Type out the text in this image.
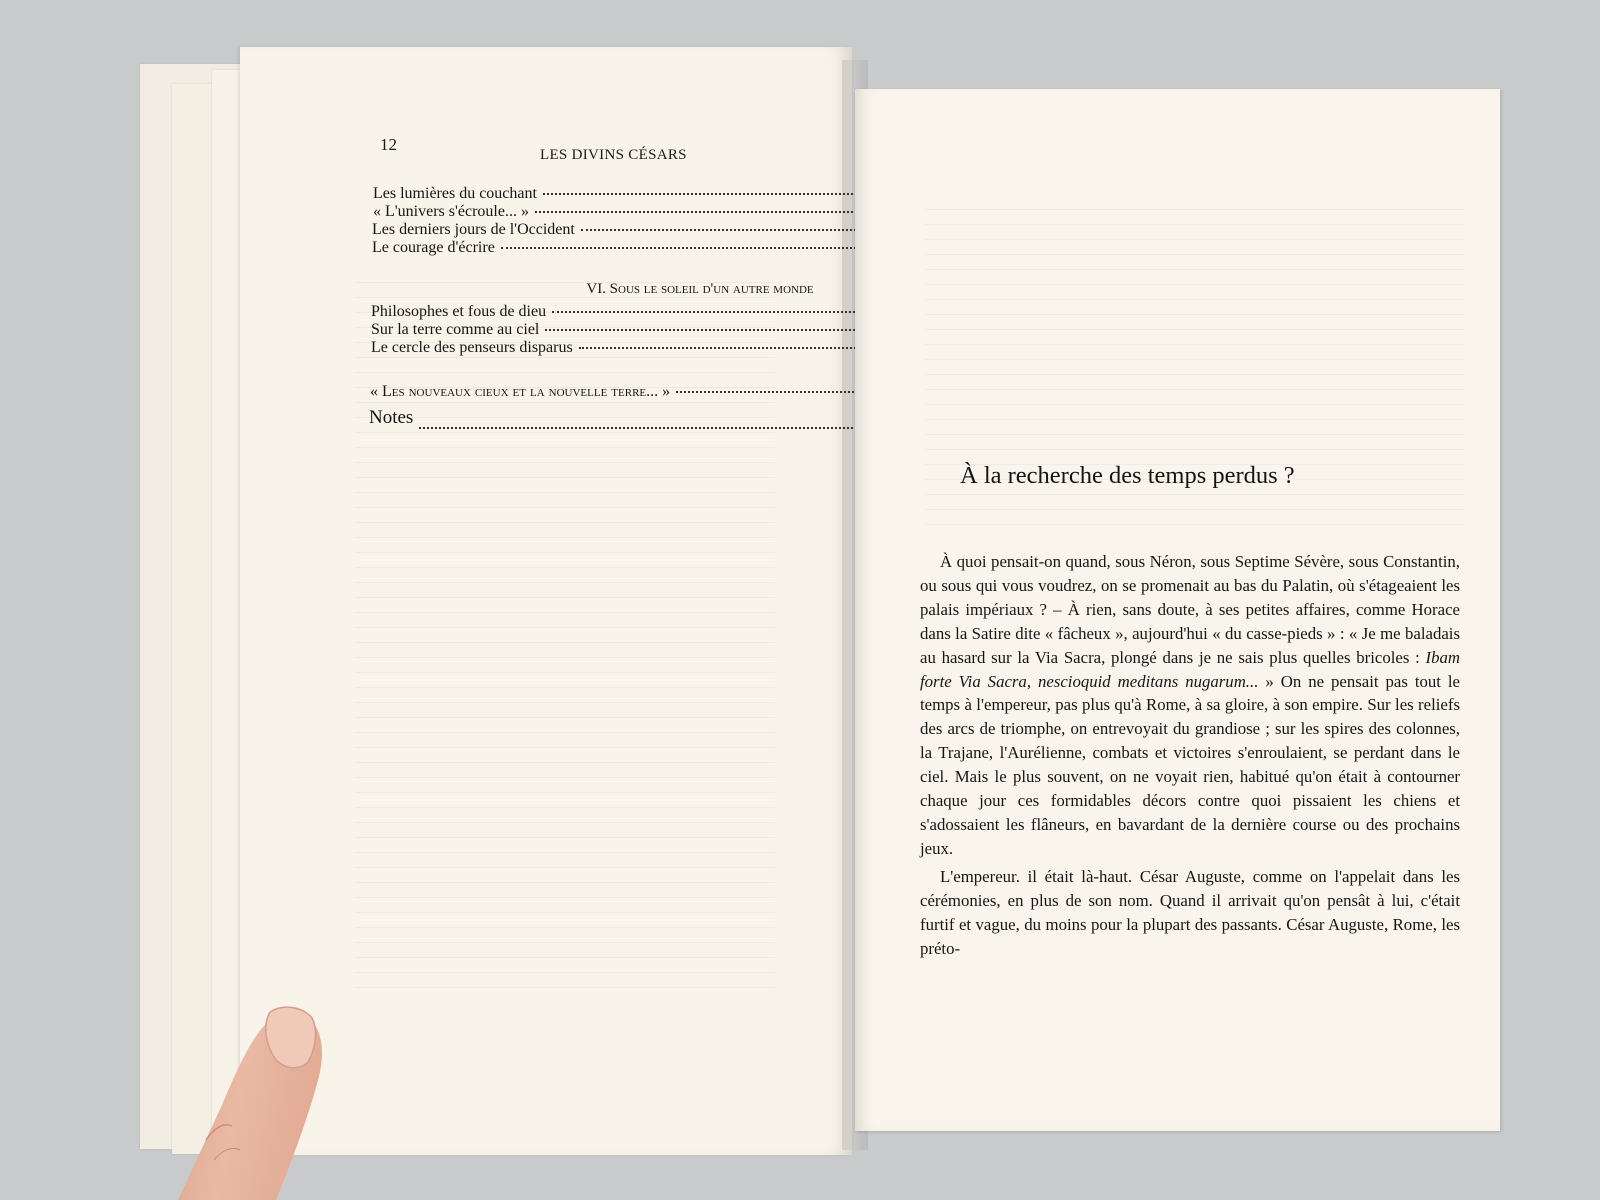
12
LES DIVINS CÉSARS
Les lumières du couchant
« L'univers s'écroule... »
Les derniers jours de l'Occident
Le courage d'écrire
VI. Sous le soleil d'un autre monde
Philosophes et fous de dieu
Sur la terre comme au ciel
Le cercle des penseurs disparus
« Les nouveaux cieux et la nouvelle terre... »
Notes
À la recherche des temps perdus ?

À quoi pensait-on quand, sous Néron, sous Septime Sévère, sous Constantin, ou sous qui vous voudrez, on se promenait au bas du Palatin, où s'étageaient les palais impériaux ? – À rien, sans doute, à ses petites affaires, comme Horace dans la Satire dite « fâcheux », aujourd'hui « du casse-pieds » : « Je me baladais au hasard sur la Via Sacra, plongé dans je ne sais plus quelles bricoles : Ibam forte Via Sacra, nescioquid meditans nugarum... » On ne pensait pas tout le temps à l'empereur, pas plus qu'à Rome, à sa gloire, à son empire. Sur les reliefs des arcs de triomphe, on entrevoyait du grandiose ; sur les spires des colonnes, la Trajane, l'Aurélienne, combats et victoires s'enroulaient, se perdant dans le ciel. Mais le plus souvent, on ne voyait rien, habitué qu'on était à contourner chaque jour ces formidables décors contre quoi pissaient les chiens et s'adossaient les flâneurs, en bavardant de la dernière course ou des prochains jeux.

L'empereur. il était là-haut. César Auguste, comme on l'appelait dans les cérémonies, en plus de son nom. Quand il arrivait qu'on pensât à lui, c'était furtif et vague, du moins pour la plupart des passants. César Auguste, Rome, les préto-
